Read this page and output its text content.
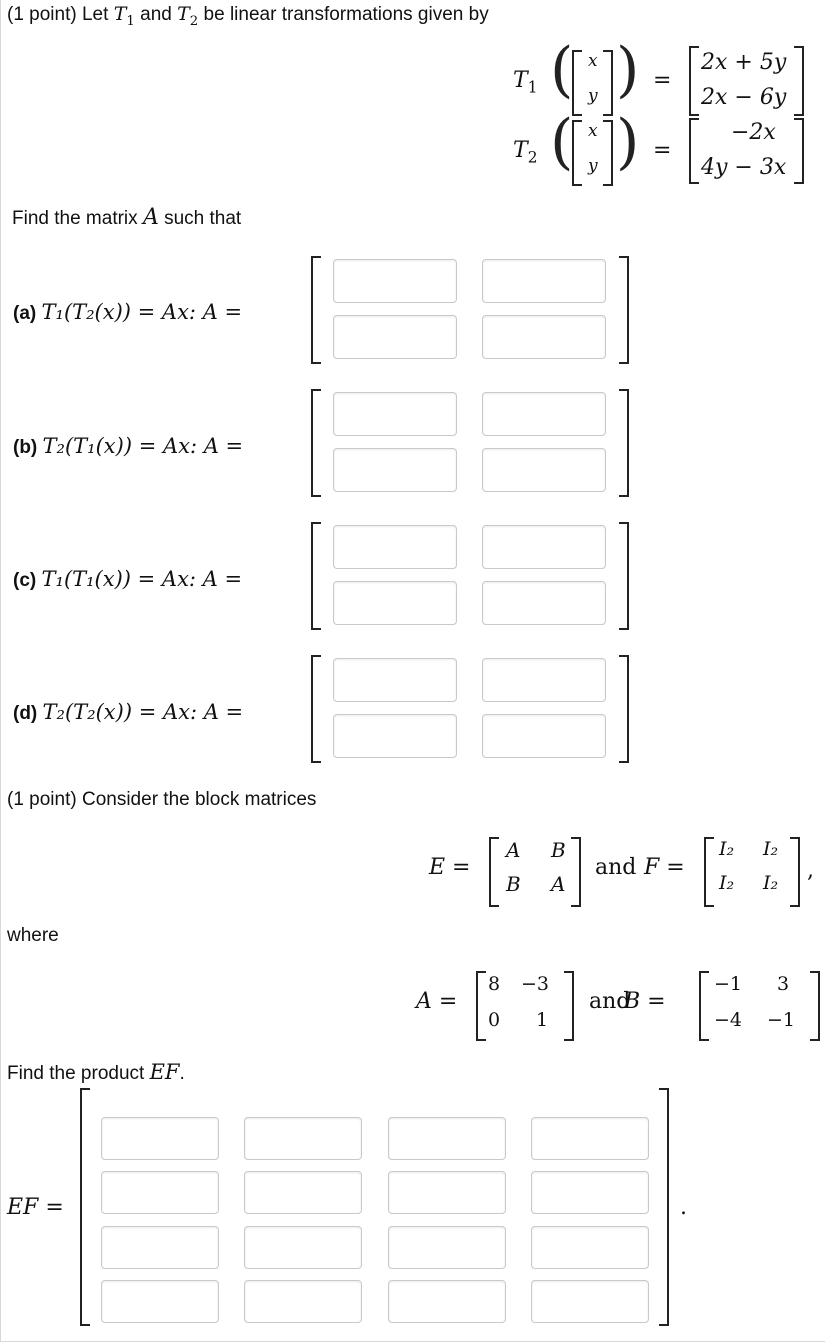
(1 point) Let $T_1$ and $T_2$ be linear transformations given by
$T_1$ ( x
y ) =
2x + 5y
2x − 6y
$T_2$ ( x
y ) =
−2x
4y − 3x
Find the matrix A such that
(a) T₁(T₂(x)) = Ax: A =
(b) T₂(T₁(x)) = Ax: A =
(c) T₁(T₁(x)) = Ax: A =
(d) T₂(T₂(x)) = Ax: A =
(1 point) Consider the block matrices
E =
A B
B A
and F =
I₂ I₂
I₂ I₂ ,
where
A =
8 −3
0 1
and
B =
−1 3
−4 −1
Find the product EF.
EF =	.
